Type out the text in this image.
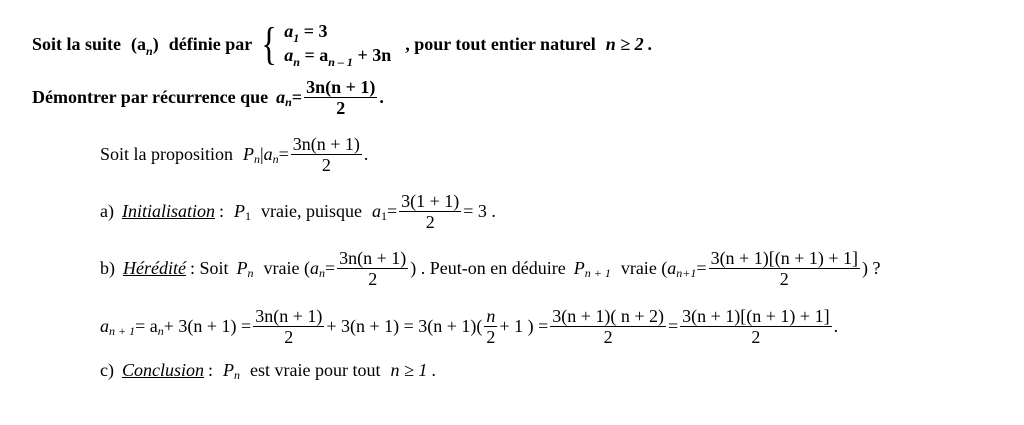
Soit la suite $(a_n)$ définie par { $a_1 = 3$
$a_n = a_{n - 1} + 3n$
, pour tout entier naturel n ≥ 2 .
Démontrer par récurrence que a $n = \frac{3n(n + 1)}{2}$ .
Soit la proposition P n | a $n = \frac{3n(n + 1)}{2}$ .
a) Initialisation : P 1 vraie, puisque a $1 = \frac{3(1 + 1)}{2} = 3$ .
b) Hérédité : Soit P n vraie ( a $n = \frac{3n(n + 1)}{2}$ ) . Peut-on en déduire P n + 1 vraie ( a $n+1 = \frac{3(n + 1)[(n + 1) + 1]}{2}$ ) ?
a n + 1 = a $n + 3(n + 1) = \frac{3n(n + 1)}{2} + 3(n + 1) = 3(n + 1)( \frac{n}{2} + 1$ ) = $\frac{3(n + 1)( n + 2)}{2} = \frac{3(n + 1)[(n + 1) + 1]}{2}$ .
c) Conclusion : P n est vraie pour tout n ≥ 1 .
